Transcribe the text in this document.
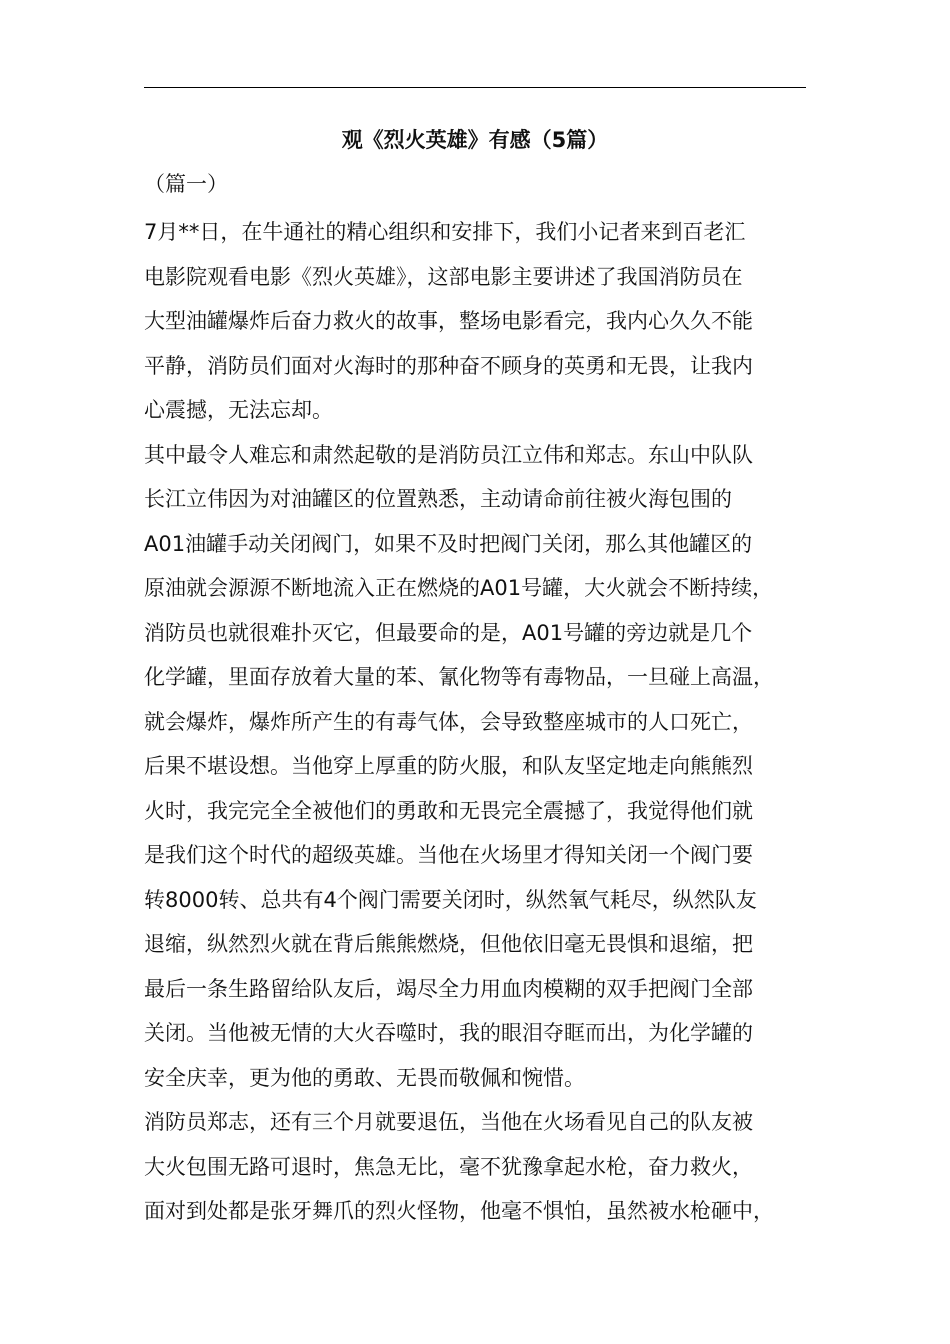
观《烈火英雄》有感（5篇）
（篇一）
7月**日，在牛通社的精心组织和安排下，我们小记者来到百老汇
电影院观看电影《烈火英雄》，这部电影主要讲述了我国消防员在
大型油罐爆炸后奋力救火的故事，整场电影看完，我内心久久不能
平静，消防员们面对火海时的那种奋不顾身的英勇和无畏，让我内
心震撼，无法忘却。
其中最令人难忘和肃然起敬的是消防员江立伟和郑志。东山中队队
长江立伟因为对油罐区的位置熟悉，主动请命前往被火海包围的
A01油罐手动关闭阀门，如果不及时把阀门关闭，那么其他罐区的
原油就会源源不断地流入正在燃烧的A01号罐，大火就会不断持续，
消防员也就很难扑灭它，但最要命的是，A01号罐的旁边就是几个
化学罐，里面存放着大量的苯、氰化物等有毒物品，一旦碰上高温，
就会爆炸，爆炸所产生的有毒气体，会导致整座城市的人口死亡，
后果不堪设想。当他穿上厚重的防火服，和队友坚定地走向熊熊烈
火时，我完完全全被他们的勇敢和无畏完全震撼了，我觉得他们就
是我们这个时代的超级英雄。当他在火场里才得知关闭一个阀门要
转8000转、总共有4个阀门需要关闭时，纵然氧气耗尽，纵然队友
退缩，纵然烈火就在背后熊熊燃烧，但他依旧毫无畏惧和退缩，把
最后一条生路留给队友后，竭尽全力用血肉模糊的双手把阀门全部
关闭。当他被无情的大火吞噬时，我的眼泪夺眶而出，为化学罐的
安全庆幸，更为他的勇敢、无畏而敬佩和惋惜。
消防员郑志，还有三个月就要退伍，当他在火场看见自己的队友被
大火包围无路可退时，焦急无比，毫不犹豫拿起水枪，奋力救火，
面对到处都是张牙舞爪的烈火怪物，他毫不惧怕，虽然被水枪砸中，
